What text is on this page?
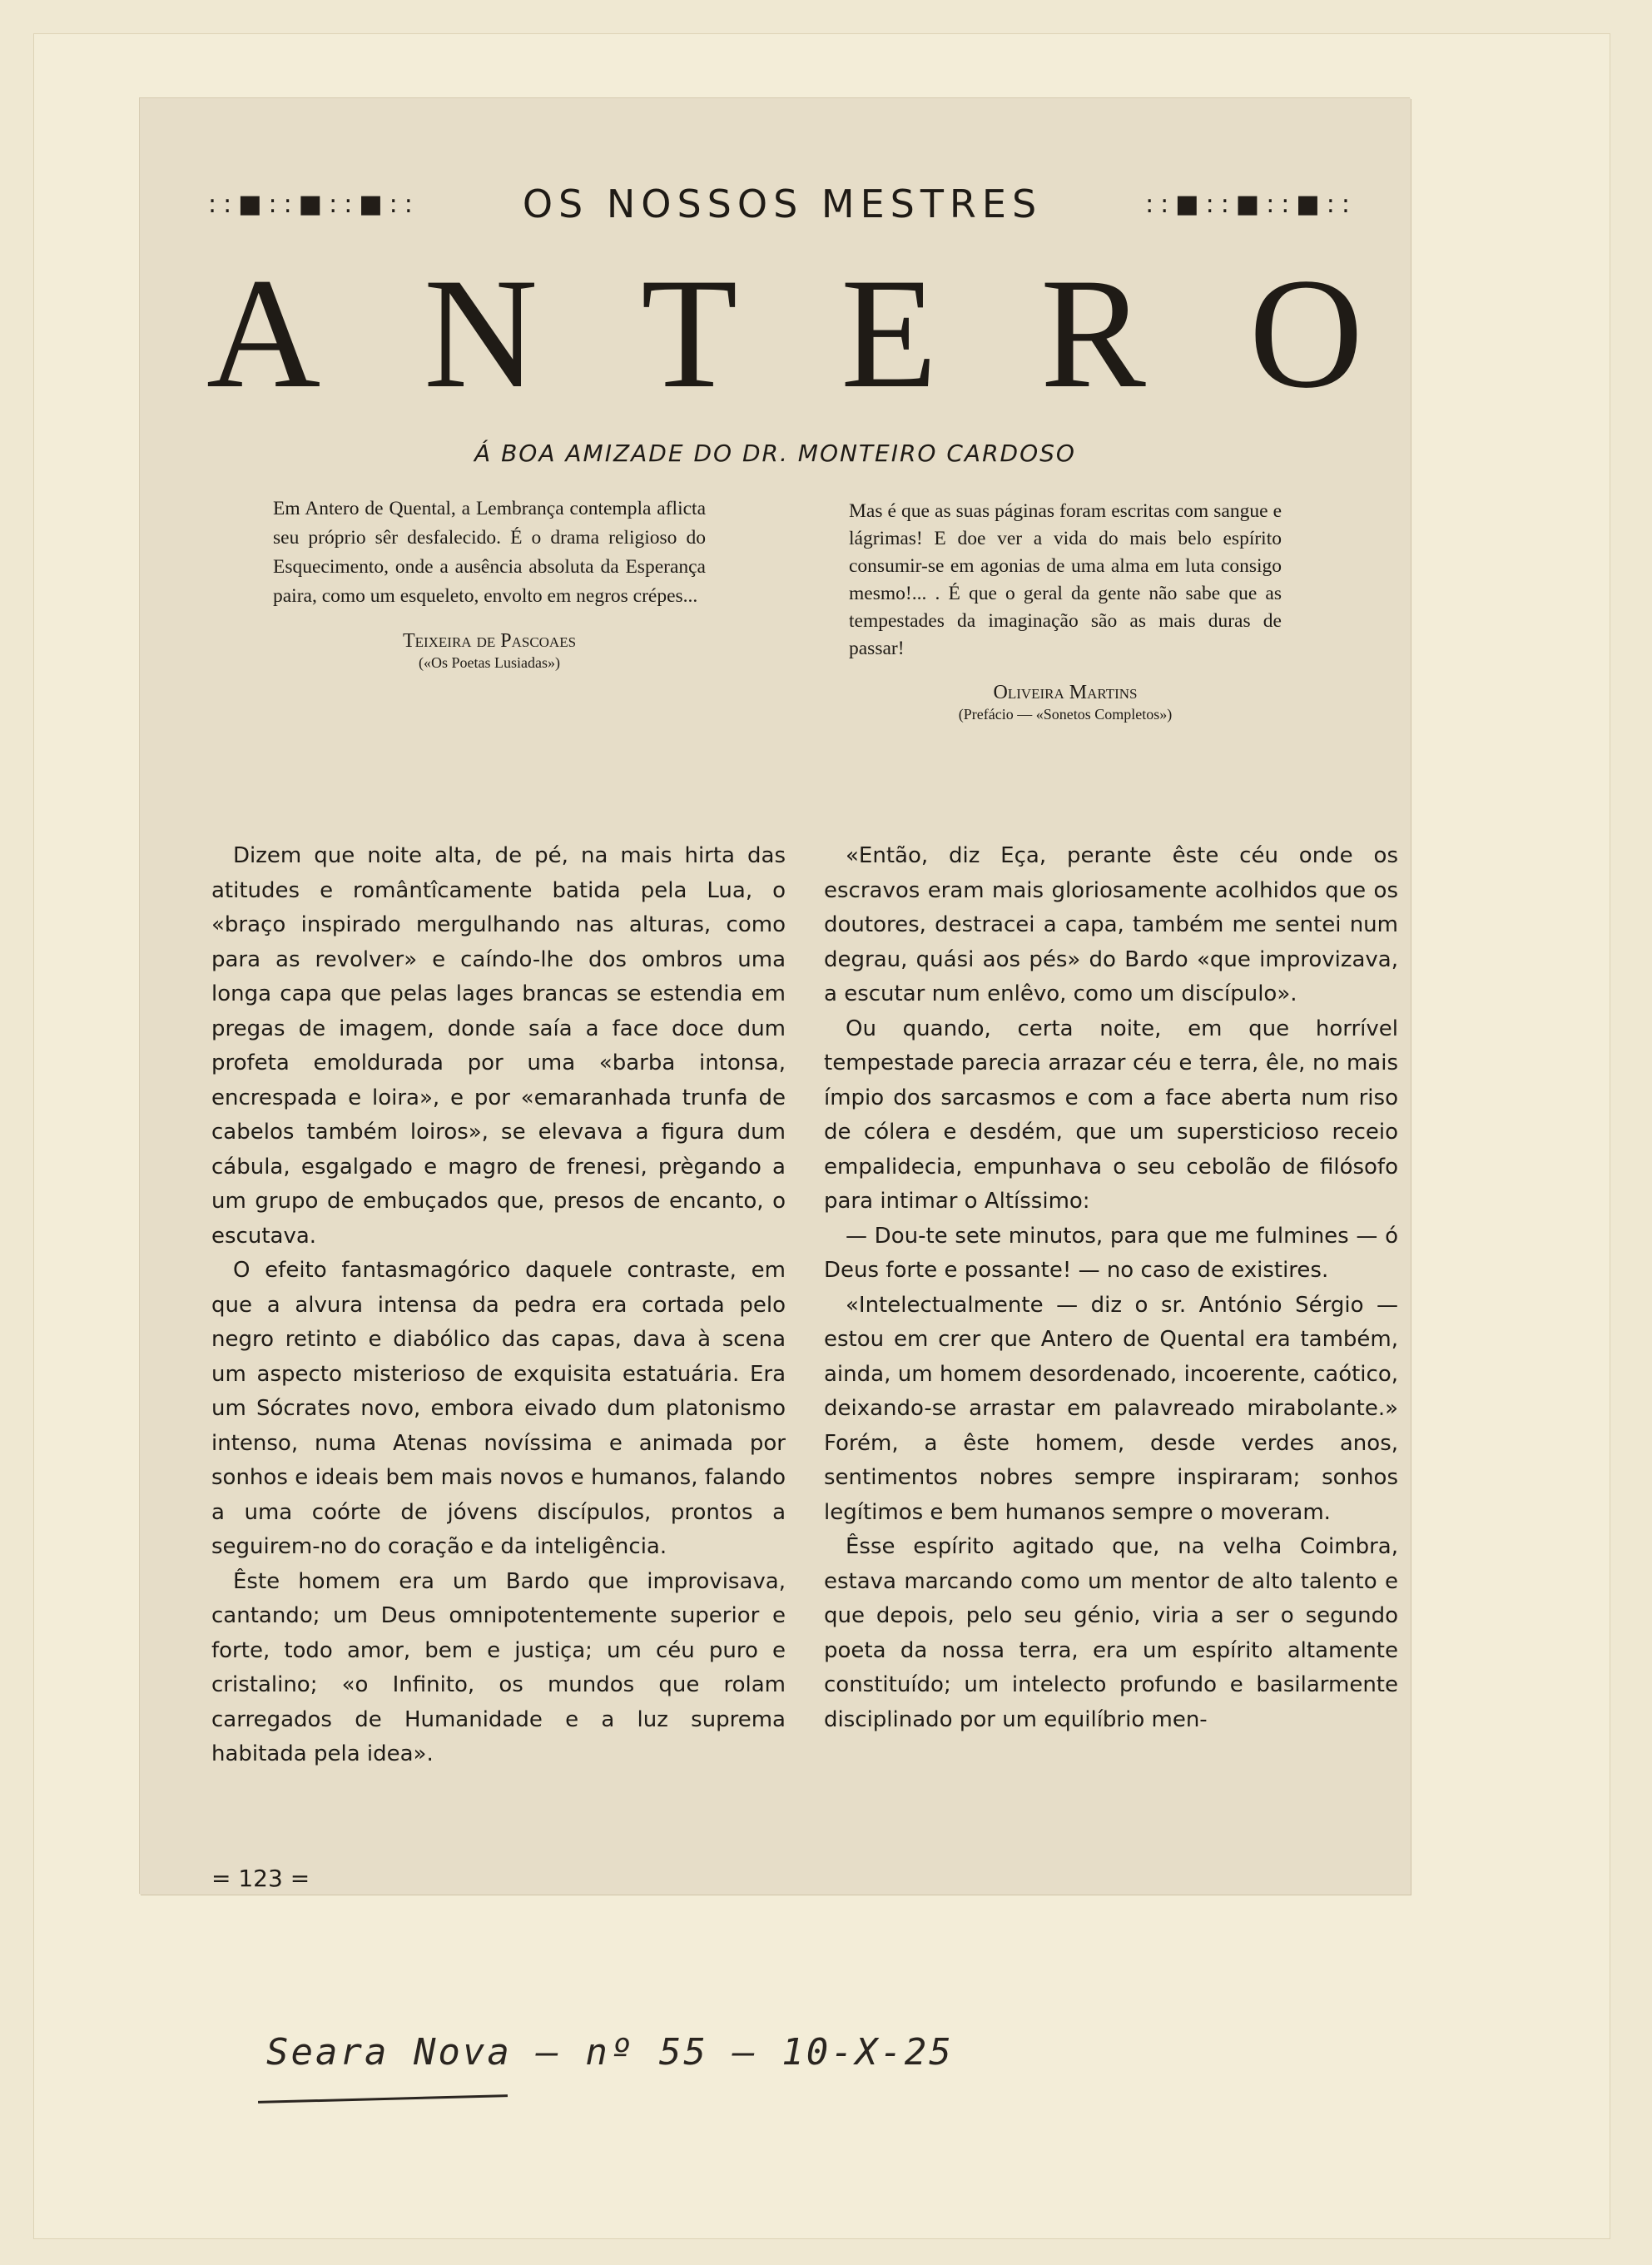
::■::■::■::	OS NOSSOS MESTRES	::■::■::■::
A N T E R O
Á BOA AMIZADE DO DR. MONTEIRO CARDOSO

Em Antero de Quental, a Lembrança contempla aflicta seu próprio sêr desfalecido. É o drama religioso do Esquecimento, onde a ausência absoluta da Esperança paira, como um esqueleto, envolto em negros crépes...

Teixeira de Pascoaes
(«Os Poetas Lusiadas»)

Mas é que as suas páginas foram escritas com sangue e lágrimas! E doe ver a vida do mais belo espírito consumir-se em agonias de uma alma em luta consigo mesmo!... . É que o geral da gente não sabe que as tempestades da imaginação são as mais duras de passar!

Oliveira Martins
(Prefácio — «Sonetos Completos»)

Dizem que noite alta, de pé, na mais hirta das atitudes e romântîcamente batida pela Lua, o «braço inspirado mergulhando nas alturas, como para as revolver» e caíndo-lhe dos ombros uma longa capa que pelas lages brancas se estendia em pregas de imagem, donde saía a face doce dum profeta emoldurada por uma «barba intonsa, encrespada e loira», e por «emaranhada trunfa de cabelos também loiros», se elevava a figura dum cábula, esgalgado e magro de frenesi, prègando a um grupo de embuçados que, presos de encanto, o escutava.

O efeito fantasmagórico daquele contraste, em que a alvura intensa da pedra era cortada pelo negro retinto e diabólico das capas, dava à scena um aspecto misterioso de exquisita estatuária. Era um Sócrates novo, embora eivado dum platonismo intenso, numa Atenas novíssima e animada por sonhos e ideais bem mais novos e humanos, falando a uma coórte de jóvens discípulos, prontos a seguirem-no do coração e da inteligência.

Êste homem era um Bardo que improvisava, cantando; um Deus omnipotentemente superior e forte, todo amor, bem e justiça; um céu puro e cristalino; «o Infinito, os mundos que rolam carregados de Humanidade e a luz suprema habitada pela idea».

«Então, diz Eça, perante êste céu onde os escravos eram mais gloriosamente acolhidos que os doutores, destracei a capa, também me sentei num degrau, quási aos pés» do Bardo «que improvizava, a escutar num enlêvo, como um discípulo».

Ou quando, certa noite, em que horrível tempestade parecia arrazar céu e terra, êle, no mais ímpio dos sarcasmos e com a face aberta num riso de cólera e desdém, que um supersticioso receio empalidecia, empunhava o seu cebolão de filósofo para intimar o Altíssimo:

— Dou-te sete minutos, para que me fulmines — ó Deus forte e possante! — no caso de existires.

«Intelectualmente — diz o sr. António Sérgio — estou em crer que Antero de Quental era também, ainda, um homem desordenado, incoerente, caótico, deixando-se arrastar em palavreado mirabolante.» Forém, a êste homem, desde verdes anos, sentimentos nobres sempre inspiraram; sonhos legítimos e bem humanos sempre o moveram.

Êsse espírito agitado que, na velha Coimbra, estava marcando como um mentor de alto talento e que depois, pelo seu génio, viria a ser o segundo poeta da nossa terra, era um espírito altamente constituído; um intelecto profundo e basilarmente disciplinado por um equilíbrio men-

= 123 =
Seara Nova — nº 55 — 10-X-25
